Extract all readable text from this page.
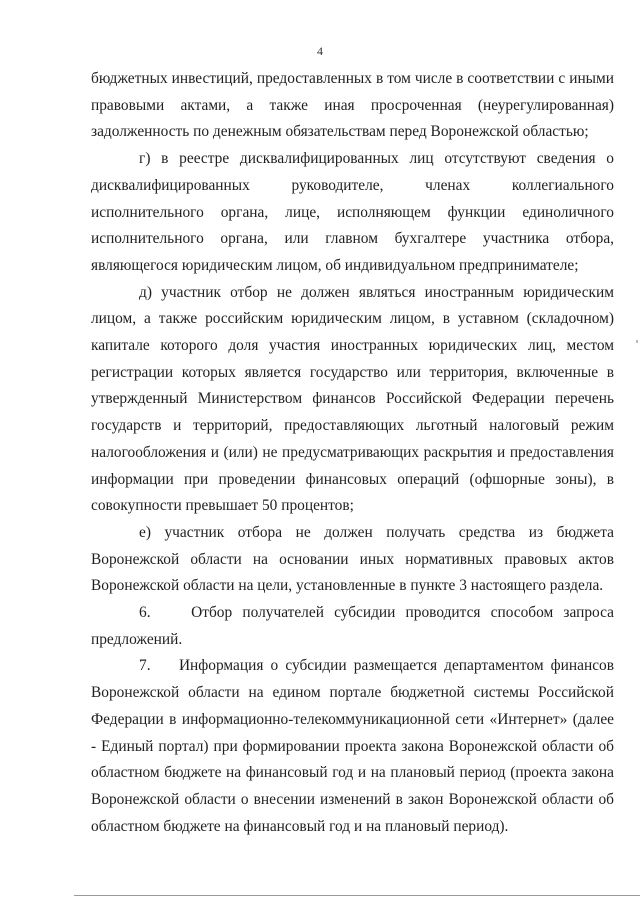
4

бюджетных инвестиций, предоставленных в том числе в соответствии с иными правовыми актами, а также иная просроченная (неурегулированная) задолженность по денежным обязательствам перед Воронежской областью;

г) в реестре дисквалифицированных лиц отсутствуют сведения о дисквалифицированных руководителе, членах коллегиального исполнительного органа, лице, исполняющем функции единоличного исполнительного органа, или главном бухгалтере участника отбора, являющегося юридическим лицом, об индивидуальном предпринимателе;

д) участник отбор не должен являться иностранным юридическим лицом, а также российским юридическим лицом, в уставном (складочном) капитале которого доля участия иностранных юридических лиц, местом регистрации которых является государство или территория, включенные в утвержденный Министерством финансов Российской Федерации перечень государств и территорий, предоставляющих льготный налоговый режим налогообложения и (или) не предусматривающих раскрытия и предоставления информации при проведении финансовых операций (офшорные зоны), в совокупности превышает 50 процентов;

е) участник отбора не должен получать средства из бюджета Воронежской области на основании иных нормативных правовых актов Воронежской области на цели, установленные в пункте 3 настоящего раздела.

6.    Отбор получателей субсидии проводится способом запроса предложений.

7.    Информация о субсидии размещается департаментом финансов Воронежской области на едином портале бюджетной системы Российской Федерации в информационно-телекоммуникационной сети «Интернет» (далее - Единый портал) при формировании проекта закона Воронежской области об областном бюджете на финансовый год и на плановый период (проекта закона Воронежской области о внесении изменений в закон Воронежской области об областном бюджете на финансовый год и на плановый период).
